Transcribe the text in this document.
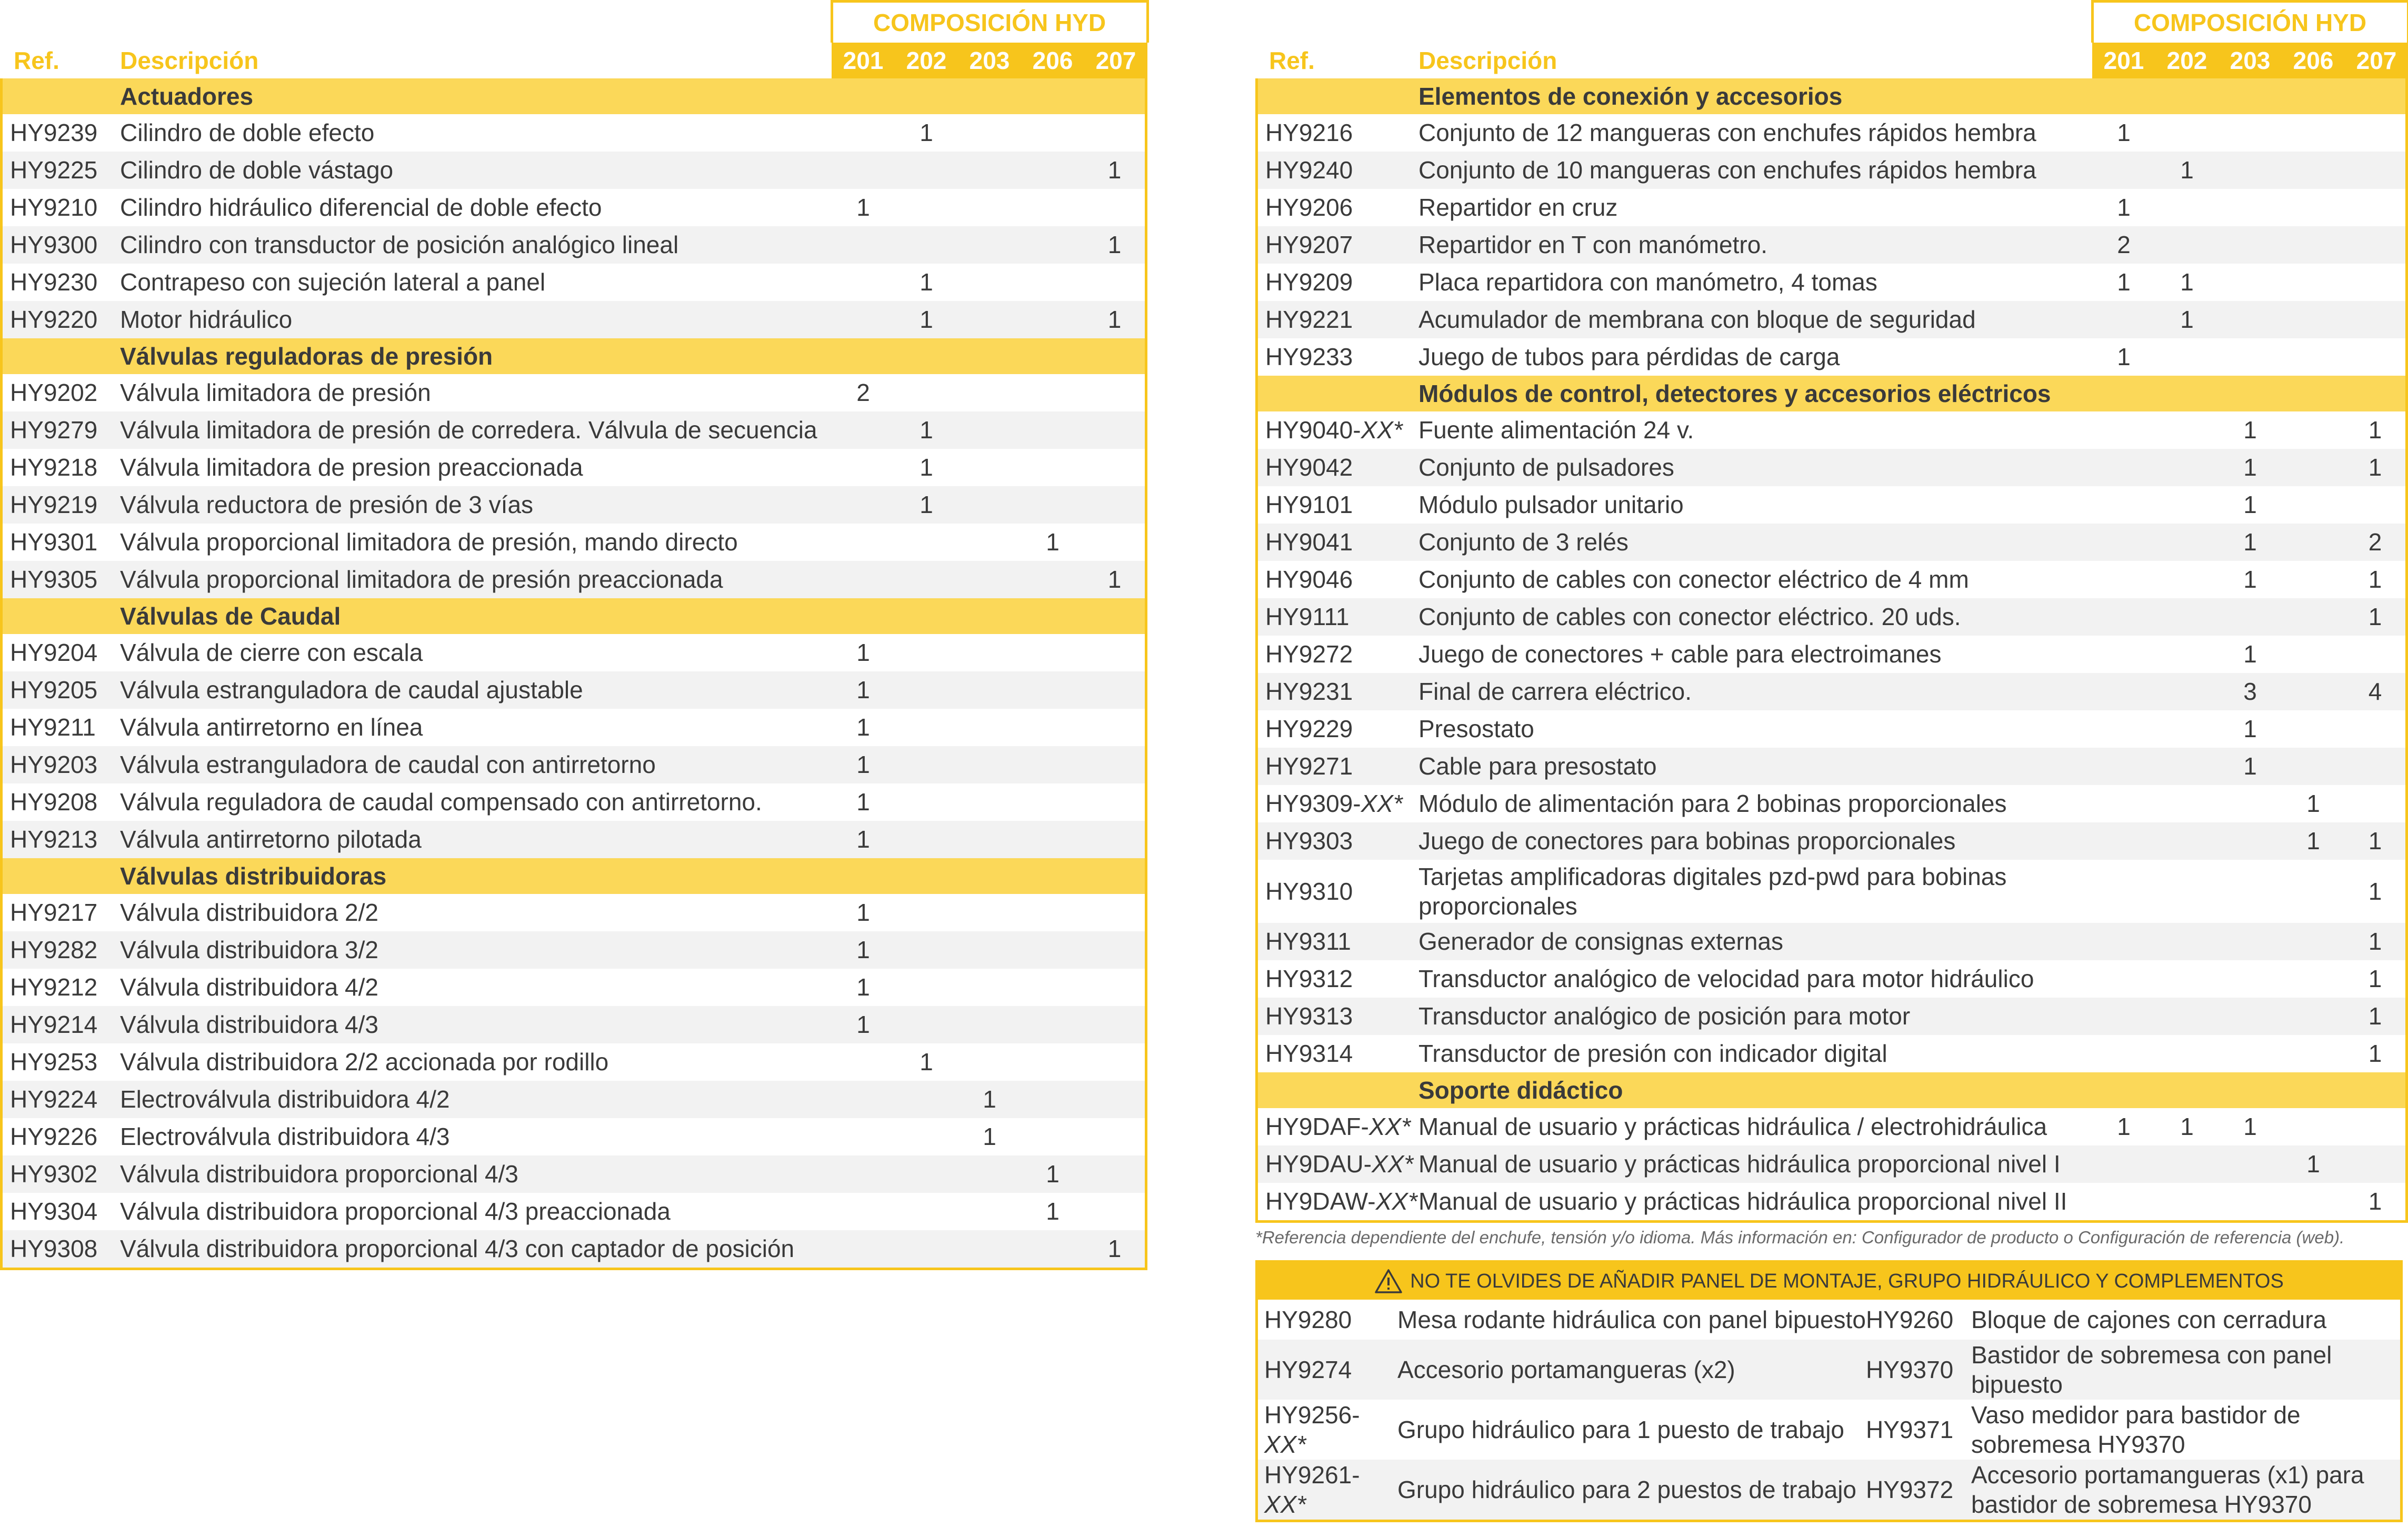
		COMPOSICIÓN HYD				
Ref.	Descripción	201	202	203	206	207
	Actuadores					
HY9239	Cilindro de doble efecto		1			
HY9225	Cilindro de doble vástago					1
HY9210	Cilindro hidráulico diferencial de doble efecto	1				
HY9300	Cilindro con transductor de posición analógico lineal					1
HY9230	Contrapeso con sujeción lateral a panel		1			
HY9220	Motor hidráulico		1			1
	Válvulas reguladoras de presión					
HY9202	Válvula limitadora de presión	2				
HY9279	Válvula limitadora de presión de corredera. Válvula de secuencia		1			
HY9218	Válvula limitadora de presion preaccionada		1			
HY9219	Válvula reductora de presión de 3 vías		1			
HY9301	Válvula proporcional limitadora de presión, mando directo				1	
HY9305	Válvula proporcional limitadora de presión preaccionada					1
	Válvulas de Caudal					
HY9204	Válvula de cierre con escala	1				
HY9205	Válvula estranguladora de caudal ajustable	1				
HY9211	Válvula antirretorno en línea	1				
HY9203	Válvula estranguladora de caudal con antirretorno	1				
HY9208	Válvula reguladora de caudal compensado con antirretorno.	1				
HY9213	Válvula antirretorno pilotada	1				
	Válvulas distribuidoras					
HY9217	Válvula distribuidora 2/2	1				
HY9282	Válvula distribuidora 3/2	1				
HY9212	Válvula distribuidora 4/2	1				
HY9214	Válvula distribuidora 4/3	1				
HY9253	Válvula distribuidora 2/2 accionada por rodillo		1			
HY9224	Electroválvula distribuidora 4/2			1		
HY9226	Electroválvula distribuidora 4/3			1		
HY9302	Válvula distribuidora proporcional 4/3				1	
HY9304	Válvula distribuidora proporcional 4/3 preaccionada				1	
HY9308	Válvula distribuidora proporcional 4/3 con captador de posición					1
		COMPOSICIÓN HYD				
Ref.	Descripción	201	202	203	206	207
	Elementos de conexión y accesorios					
HY9216	Conjunto de 12 mangueras con enchufes rápidos hembra	1				
HY9240	Conjunto de 10 mangueras con enchufes rápidos hembra		1			
HY9206	Repartidor en cruz	1				
HY9207	Repartidor en T con manómetro.	2				
HY9209	Placa repartidora con manómetro, 4 tomas	1	1			
HY9221	Acumulador de membrana con bloque de seguridad		1			
HY9233	Juego de tubos para pérdidas de carga	1				
	Módulos de control, detectores y accesorios eléctricos					
HY9040-XX*	Fuente alimentación 24 v.			1		1
HY9042	Conjunto de pulsadores			1		1
HY9101	Módulo pulsador unitario			1		
HY9041	Conjunto de 3 relés			1		2
HY9046	Conjunto de cables con conector eléctrico de 4 mm			1		1
HY9111	Conjunto de cables con conector eléctrico. 20 uds.					1
HY9272	Juego de conectores + cable para electroimanes			1		
HY9231	Final de carrera eléctrico.			3		4
HY9229	Presostato			1		
HY9271	Cable para presostato			1		
HY9309-XX*	Módulo de alimentación para 2 bobinas proporcionales				1	
HY9303	Juego de conectores para bobinas proporcionales				1	1
HY9310	Tarjetas amplificadoras digitales pzd-pwd para bobinas proporcionales					1
HY9311	Generador de consignas externas					1
HY9312	Transductor analógico de velocidad para motor hidráulico					1
HY9313	Transductor analógico de posición para motor					1
HY9314	Transductor de presión con indicador digital					1
	Soporte didáctico					
HY9DAF-XX*	Manual de usuario y prácticas hidráulica / electrohidráulica	1	1	1		
HY9DAU-XX*	Manual de usuario y prácticas hidráulica proporcional nivel I				1	
HY9DAW-XX*	Manual de usuario y prácticas hidráulica proporcional nivel II					1
*Referencia dependiente del enchufe, tensión y/o idioma. Más información en: Configurador de producto o Configuración de referencia (web).
NO TE OLVIDES DE AÑADIR PANEL DE MONTAJE, GRUPO HIDRÁULICO Y COMPLEMENTOS
HY9280	Mesa rodante hidráulica con panel bipuesto	HY9260	Bloque de cajones con cerradura
HY9274	Accesorio portamangueras (x2)	HY9370	Bastidor de sobremesa con panel bipuesto
HY9256-XX*	Grupo hidráulico para 1 puesto de trabajo	HY9371	Vaso medidor para bastidor de sobremesa HY9370
HY9261-XX*	Grupo hidráulico para 2 puestos de trabajo	HY9372	Accesorio portamangueras (x1) para bastidor de sobremesa HY9370
